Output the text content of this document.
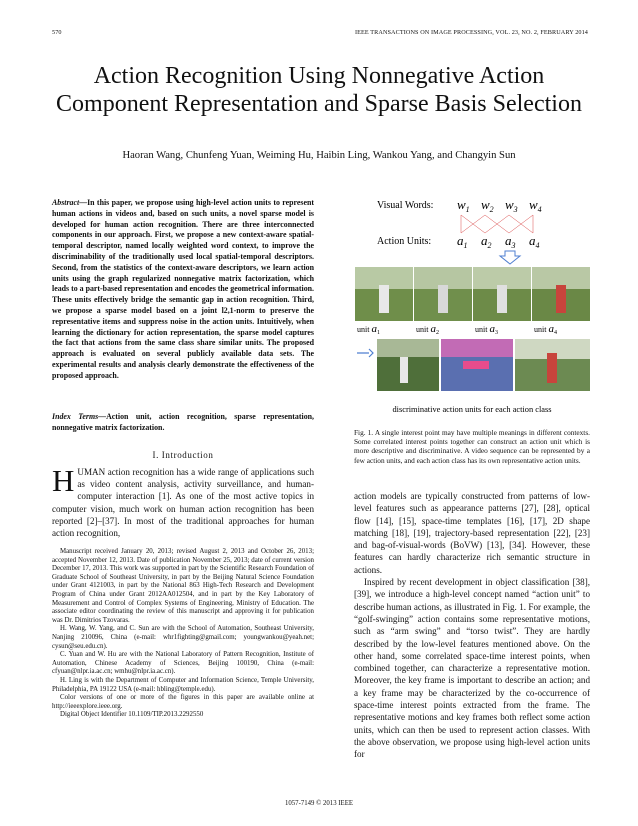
570	IEEE TRANSACTIONS ON IMAGE PROCESSING, VOL. 23, NO. 2, FEBRUARY 2014
Action Recognition Using Nonnegative Action Component Representation and Sparse Basis Selection
Haoran Wang, Chunfeng Yuan, Weiming Hu, Haibin Ling, Wankou Yang, and Changyin Sun
Abstract—In this paper, we propose using high-level action units to represent human actions in videos and, based on such units, a novel sparse model is developed for human action recognition. There are three interconnected components in our approach. First, we propose a new context-aware spatial-temporal descriptor, named locally weighted word context, to improve the discriminability of the traditionally used local spatial-temporal descriptors. Second, from the statistics of the context-aware descriptors, we learn action units using the graph regularized nonnegative matrix factorization, which leads to a part-based representation and encodes the geometrical information. These units effectively bridge the semantic gap in action recognition. Third, we propose a sparse model based on a joint l2,1-norm to preserve the representative items and suppress noise in the action units. Intuitively, when learning the dictionary for action representation, the sparse model captures the fact that actions from the same class share similar units. The proposed approach is evaluated on several publicly available data sets. The experimental results and analysis clearly demonstrate the effectiveness of the proposed approach.
Index Terms—Action unit, action recognition, sparse representation, nonnegative matrix factorization.
I. Introduction
HUMAN action recognition has a wide range of applications such as video content analysis, activity surveillance, and human-computer interaction [1]. As one of the most active topics in computer vision, much work on human action recognition has been reported [2]–[37]. In most of the traditional approaches for human action recognition,

Manuscript received January 20, 2013; revised August 2, 2013 and October 26, 2013; accepted November 12, 2013. Date of publication November 25, 2013; date of current version December 17, 2013. This work was supported in part by the Scientific Research Foundation of Graduate School of Southeast University, in part by the Beijing Natural Science Foundation under Grant 4121003, in part by the National 863 High-Tech Research and Development Program of China under Grant 2012AA012504, and in part by the Key Laboratory of Measurement and Control of Complex Systems of Engineering, Ministry of Education. The associate editor coordinating the review of this manuscript and approving it for publication was Dr. Dimitrios Tzovaras.

H. Wang, W. Yang, and C. Sun are with the School of Automation, Southeast University, Nanjing 210096, China (e-mail: whr1fighting@gmail.com; youngwankou@yeah.net; cysun@seu.edu.cn).

C. Yuan and W. Hu are with the National Laboratory of Pattern Recognition, Institute of Automation, Chinese Academy of Sciences, Beijing 100190, China (e-mail: cfyuan@nlpr.ia.ac.cn; wmhu@nlpr.ia.ac.cn).

H. Ling is with the Department of Computer and Information Science, Temple University, Philadelphia, PA 19122 USA (e-mail: hbling@temple.edu).

Color versions of one or more of the figures in this paper are available online at http://ieeexplore.ieee.org.

Digital Object Identifier 10.1109/TIP.2013.2292550

Visual Words:
Action Units:
$w_1$ $w_2$ $w_3$ $w_4$
$a_1$ $a_2$ $a_3$ $a_4$
unit $a_1$	unit $a_2$	unit $a_3$	unit $a_4$
discriminative action units for each action class
Fig. 1. A single interest point may have multiple meanings in different contexts. Some correlated interest points together can construct an action unit which is more descriptive and discriminative. A video sequence can be represented by a few action units, and each action class has its own representative action units.

action models are typically constructed from patterns of low-level features such as appearance patterns [27], [28], optical flow [14], [15], space-time templates [16], [17], 2D shape matching [18], [19], trajectory-based representation [22], [23] and bag-of-visual-words (BoVW) [13], [34]. However, these features can hardly characterize rich semantic structure in actions.

Inspired by recent development in object classification [38], [39], we introduce a high-level concept named “action unit” to describe human actions, as illustrated in Fig. 1. For example, the “golf-swinging” action contains some representative motions, such as “arm swing” and “torso twist”. They are hardly described by the low-level features mentioned above. On the other hand, some correlated space-time interest points, when combined together, can characterize a representative motion. Moreover, the key frame is important to describe an action; and a key frame may be characterized by the co-occurrence of space-time interest points extracted from the frame. The representative motions and key frames both reflect some action units, which can then be used to represent action classes. With the above observation, we propose using high-level action units for

1057-7149 © 2013 IEEE
